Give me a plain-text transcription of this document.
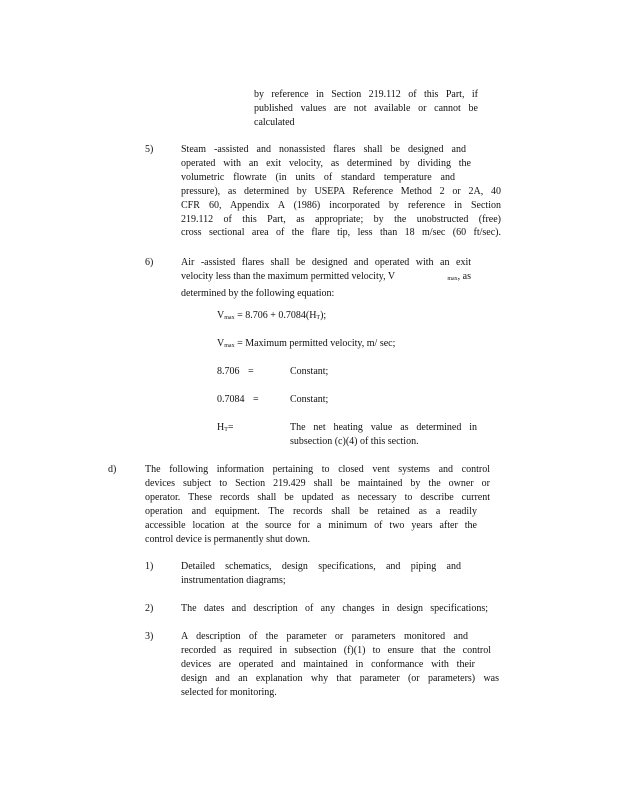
by reference in Section 219.112 of this Part, if

published values are not available or cannot be

calculated

5)	Steam -assisted and nonassisted flares shall be designed and

operated with an exit velocity, as determined by dividing the

volumetric flowrate (in units of standard temperature and

pressure), as determined by USEPA Reference Method 2 or 2A, 40

CFR 60, Appendix A (1986) incorporated by reference in Section

219.112 of this Part, as appropriate; by the unobstructed (free)

cross sectional area of the flare tip, less than 18 m/sec (60 ft/sec).

6)	Air -assisted flares shall be designed and operated with an exit

velocity less than the maximum permitted velocity, V	$_{max}$, as

determined by the following equation:

$V_{max} = 8.706 + 0.7084(H_T)$;
$V_{max}$ = Maximum permitted velocity, m/ sec;
8.706 =	Constant;
0.7084 =	Constant;
$H_T=$	The net heating value as determined in
subsection (c)(4) of this section.
d)	The following information pertaining to closed vent systems and control

devices subject to Section 219.429 shall be maintained by the owner or

operator. These records shall be updated as necessary to describe current

operation and equipment. The records shall be retained as a readily

accessible location at the source for a minimum of two years after the

control device is permanently shut down.

1)	Detailed schematics, design specifications, and piping and

instrumentation diagrams;

2)	The dates and description of any changes in design specifications;

3)	A description of the parameter or parameters monitored and

recorded as required in subsection (f)(1) to ensure that the control

devices are operated and maintained in conformance with their

design and an explanation why that parameter (or parameters) was

selected for monitoring.
